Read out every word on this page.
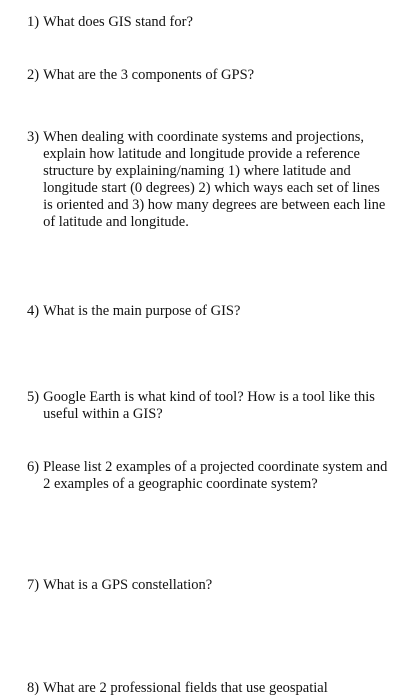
1) What does GIS stand for?
2) What are the 3 components of GPS?
3) When dealing with coordinate systems and projections,
explain how latitude and longitude provide a reference
structure by explaining/naming 1) where latitude and
longitude start (0 degrees) 2) which ways each set of lines
is oriented and 3) how many degrees are between each line
of latitude and longitude.
4) What is the main purpose of GIS?
5) Google Earth is what kind of tool? How is a tool like this
useful within a GIS?
6) Please list 2 examples of a projected coordinate system and
2 examples of a geographic coordinate system?
7) What is a GPS constellation?
8) What are 2 professional fields that use geospatial
